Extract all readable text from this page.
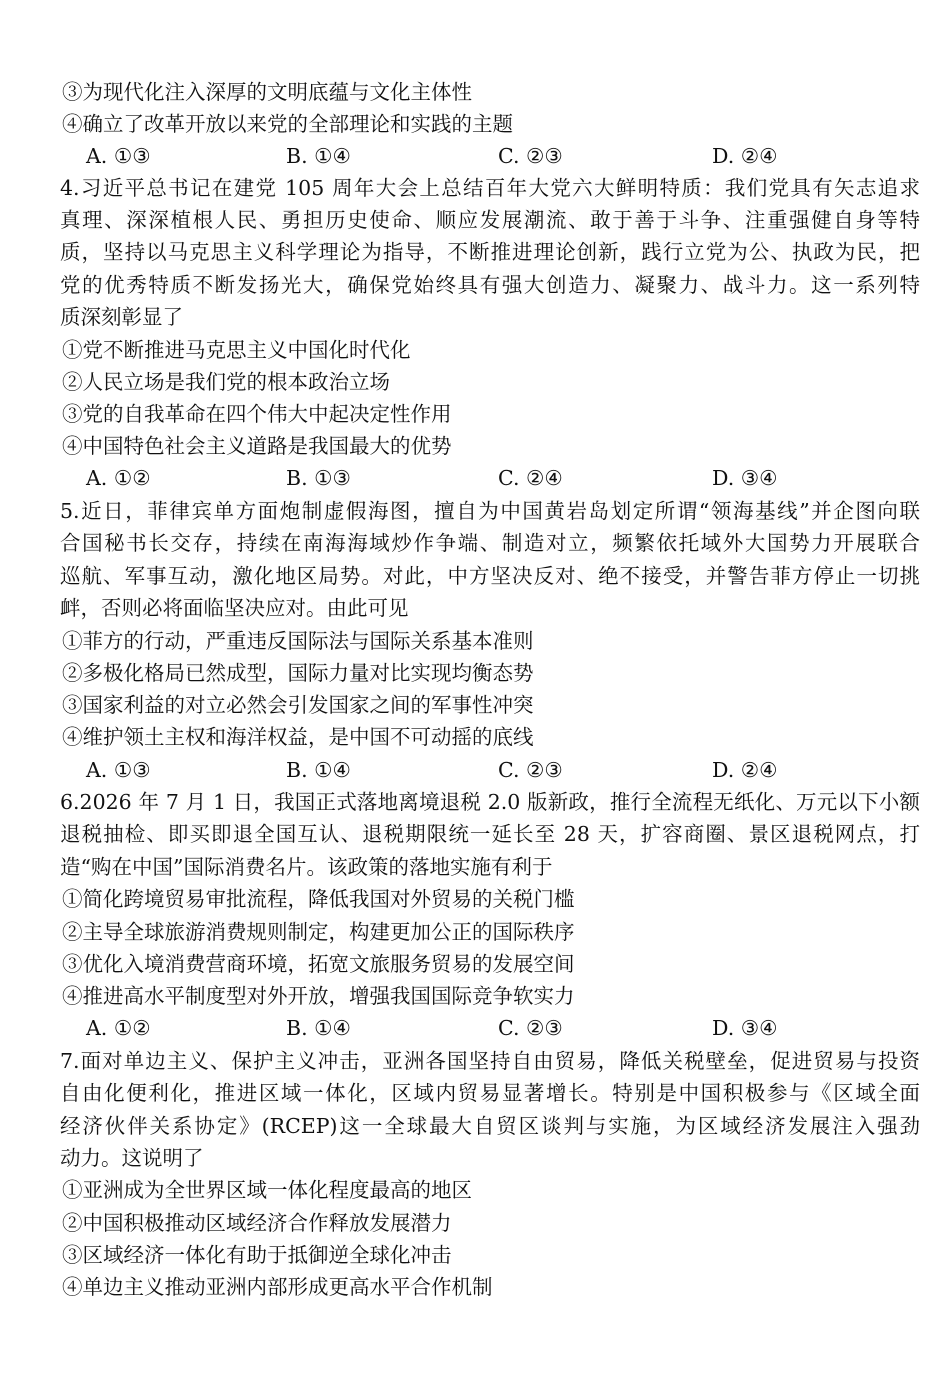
③为现代化注入深厚的文明底蕴与文化主体性
④确立了改革开放以来党的全部理论和实践的主题
A. ①③	B. ①④	C. ②③	D. ②④
4.习近平总书记在建党 105 周年大会上总结百年大党六大鲜明特质：我们党具有矢志追求
真理、深深植根人民、勇担历史使命、顺应发展潮流、敢于善于斗争、注重强健自身等特
质，坚持以马克思主义科学理论为指导，不断推进理论创新，践行立党为公、执政为民，把
党的优秀特质不断发扬光大，确保党始终具有强大创造力、凝聚力、战斗力。这一系列特
质深刻彰显了
①党不断推进马克思主义中国化时代化
②人民立场是我们党的根本政治立场
③党的自我革命在四个伟大中起决定性作用
④中国特色社会主义道路是我国最大的优势
A. ①②	B. ①③	C. ②④	D. ③④
5.近日，菲律宾单方面炮制虚假海图，擅自为中国黄岩岛划定所谓“领海基线”并企图向联
合国秘书长交存，持续在南海海域炒作争端、制造对立，频繁依托域外大国势力开展联合
巡航、军事互动，激化地区局势。对此，中方坚决反对、绝不接受，并警告菲方停止一切挑
衅，否则必将面临坚决应对。由此可见
①菲方的行动，严重违反国际法与国际关系基本准则
②多极化格局已然成型，国际力量对比实现均衡态势
③国家利益的对立必然会引发国家之间的军事性冲突
④维护领土主权和海洋权益，是中国不可动摇的底线
A. ①③	B. ①④	C. ②③	D. ②④
6.2026 年 7 月 1 日，我国正式落地离境退税 2.0 版新政，推行全流程无纸化、万元以下小额
退税抽检、即买即退全国互认、退税期限统一延长至 28 天，扩容商圈、景区退税网点，打
造“购在中国”国际消费名片。该政策的落地实施有利于
①简化跨境贸易审批流程，降低我国对外贸易的关税门槛
②主导全球旅游消费规则制定，构建更加公正的国际秩序
③优化入境消费营商环境，拓宽文旅服务贸易的发展空间
④推进高水平制度型对外开放，增强我国国际竞争软实力
A. ①②	B. ①④	C. ②③	D. ③④
7.面对单边主义、保护主义冲击，亚洲各国坚持自由贸易，降低关税壁垒，促进贸易与投资
自由化便利化，推进区域一体化，区域内贸易显著增长。特别是中国积极参与《区域全面
经济伙伴关系协定》(RCEP)这一全球最大自贸区谈判与实施，为区域经济发展注入强劲
动力。这说明了
①亚洲成为全世界区域一体化程度最高的地区
②中国积极推动区域经济合作释放发展潜力
③区域经济一体化有助于抵御逆全球化冲击
④单边主义推动亚洲内部形成更高水平合作机制
